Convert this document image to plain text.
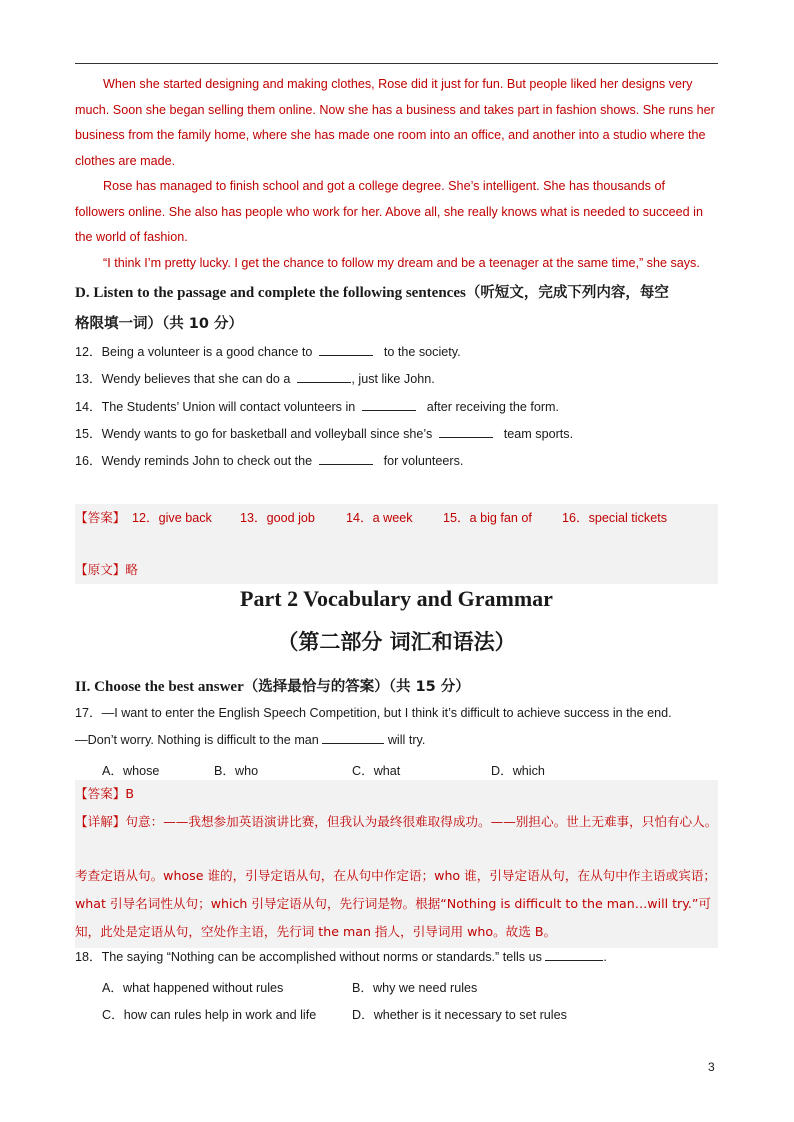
When she started designing and making clothes, Rose did it just for fun. But people liked her designs very much. Soon she began selling them online. Now she has a business and takes part in fashion shows. She runs her business from the family home, where she has made one room into an office, and another into a studio where the clothes are made.
Rose has managed to finish school and got a college degree. She’s intelligent. She has thousands of followers online. She also has people who work for her. Above all, she really knows what is needed to succeed in the world of fashion.
“I think I’m pretty lucky. I get the chance to follow my dream and be a teenager at the same time,” she says.
D. Listen to the passage and complete the following sentences（听短文，完成下列内容，每空
格限填一词）（共 10 分）
12．Being a volunteer is a good chance to	to the society.
13．Wendy believes that she can do a	, just like John.
14．The Students’ Union will contact volunteers in	after receiving the form.
15．Wendy wants to go for basketball and volleyball since she’s	team sports.
16．Wendy reminds John to check out the	for volunteers.
【答案】 12．give back 13．good job 14．a week 15．a big fan of 16．special tickets
【原文】略
Part 2 Vocabulary and Grammar
（第二部分 词汇和语法）
II. Choose the best answer（选择最恰与的答案）（共 15 分）
17．—I want to enter the English Speech Competition, but I think it’s difficult to achieve success in the end.
—Don’t worry. Nothing is difficult to the man	will try.
A．whose	B．who	C．what	D．which
【答案】B
【详解】句意：——我想参加英语演讲比赛，但我认为最终很难取得成功。——别担心。世上无难事，只怕有心人。
考查定语从句。whose 谁的，引导定语从句，在从句中作定语；who 谁，引导定语从句，在从句中作主语或宾语；what 引导名词性从句；which 引导定语从句，先行词是物。根据“Nothing is difficult to the man…will try.”可知，此处是定语从句，空处作主语，先行词 the man 指人，引导词用 who。故选 B。
18．The saying “Nothing can be accomplished without norms or standards.” tells us	.
A．what happened without rules	B．why we need rules
C．how can rules help in work and life	D．whether is it necessary to set rules
3
